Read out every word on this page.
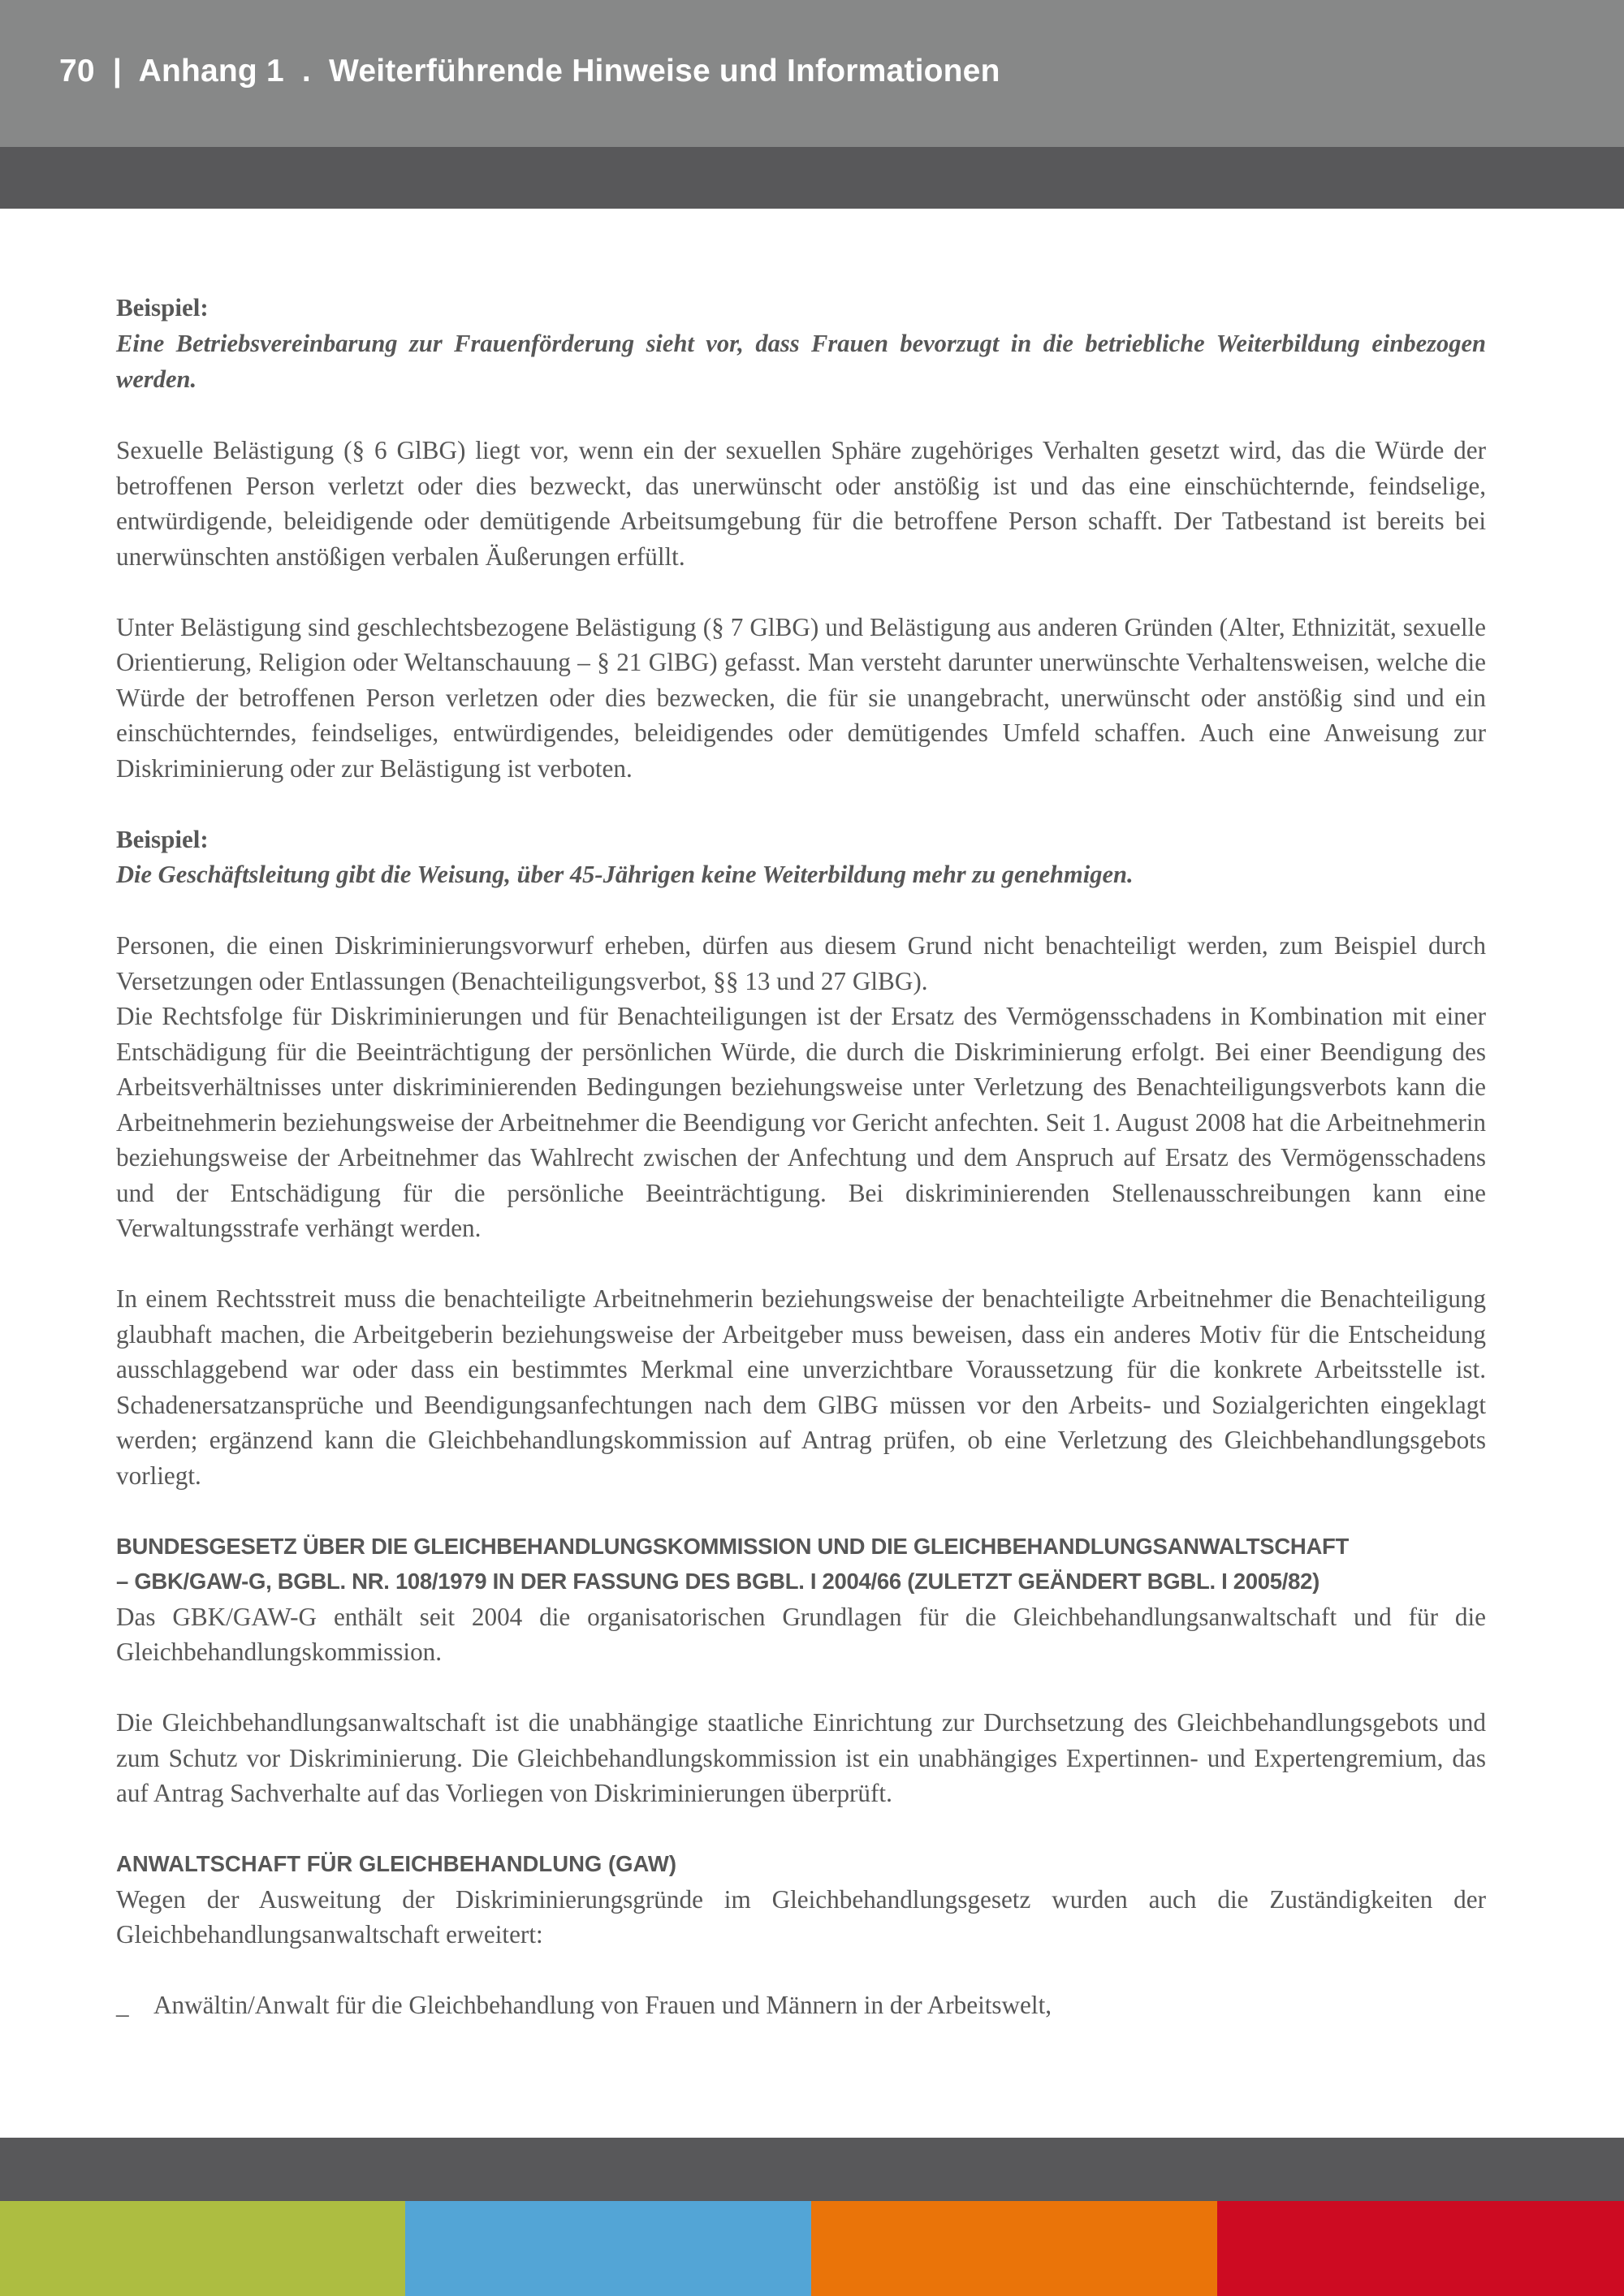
70  |  Anhang 1  .  Weiterführende Hinweise und Informationen

Beispiel:

Eine Betriebsvereinbarung zur Frauenförderung sieht vor, dass Frauen bevorzugt in die betriebliche Weiterbildung einbezogen werden.

Sexuelle Belästigung (§ 6 GlBG) liegt vor, wenn ein der sexuellen Sphäre zugehöriges Verhalten gesetzt wird, das die Würde der betroffenen Person verletzt oder dies bezweckt, das unerwünscht oder anstößig ist und das eine einschüchternde, feindselige, entwürdigende, beleidigende oder demütigende Arbeitsumgebung für die betroffene Person schafft. Der Tatbestand ist bereits bei unerwünschten anstößigen verbalen Äußerungen erfüllt.

Unter Belästigung sind geschlechtsbezogene Belästigung (§ 7 GlBG) und Belästigung aus anderen Gründen (Alter, Ethnizität, sexuelle Orientierung, Religion oder Weltanschauung – § 21 GlBG) gefasst. Man versteht darunter unerwünschte Verhaltensweisen, welche die Würde der betroffenen Person verletzen oder dies bezwecken, die für sie unangebracht, unerwünscht oder anstößig sind und ein einschüchterndes, feindseliges, entwürdigendes, beleidigendes oder demütigendes Umfeld schaffen. Auch eine Anweisung zur Diskriminierung oder zur Belästigung ist verboten.

Beispiel:

Die Geschäftsleitung gibt die Weisung, über 45-Jährigen keine Weiterbildung mehr zu genehmigen.

Personen, die einen Diskriminierungsvorwurf erheben, dürfen aus diesem Grund nicht benachteiligt werden, zum Beispiel durch Versetzungen oder Entlassungen (Benachteiligungsverbot, §§ 13 und 27 GlBG).

Die Rechtsfolge für Diskriminierungen und für Benachteiligungen ist der Ersatz des Vermögensschadens in Kombination mit einer Entschädigung für die Beeinträchtigung der persönlichen Würde, die durch die Diskriminierung erfolgt. Bei einer Beendigung des Arbeitsverhältnisses unter diskriminierenden Bedingungen beziehungsweise unter Verletzung des Benachteiligungsverbots kann die Arbeitnehmerin beziehungsweise der Arbeitnehmer die Beendigung vor Gericht anfechten. Seit 1. August 2008 hat die Arbeitnehmerin beziehungsweise der Arbeitnehmer das Wahlrecht zwischen der Anfechtung und dem Anspruch auf Ersatz des Vermögensschadens und der Entschädigung für die persönliche Beeinträchtigung. Bei diskriminierenden Stellenausschreibungen kann eine Verwaltungsstrafe verhängt werden.

In einem Rechtsstreit muss die benachteiligte Arbeitnehmerin beziehungsweise der benachteiligte Arbeitnehmer die Benachteiligung glaubhaft machen, die Arbeitgeberin beziehungsweise der Arbeitgeber muss beweisen, dass ein anderes Motiv für die Entscheidung ausschlaggebend war oder dass ein bestimmtes Merkmal eine unverzichtbare Voraussetzung für die konkrete Arbeitsstelle ist. Schadenersatzansprüche und Beendigungsanfechtungen nach dem GlBG müssen vor den Arbeits- und Sozialgerichten eingeklagt werden; ergänzend kann die Gleichbehandlungskommission auf Antrag prüfen, ob eine Verletzung des Gleichbehandlungsgebots vorliegt.

BUNDESGESETZ ÜBER DIE GLEICHBEHANDLUNGSKOMMISSION UND DIE GLEICHBEHANDLUNGSANWALTSCHAFT

– GBK/GAW-G, BGBL. NR. 108/1979 IN DER FASSUNG DES BGBL. I 2004/66 (ZULETZT GEÄNDERT BGBL. I 2005/82)

Das GBK/GAW-G enthält seit 2004 die organisatorischen Grundlagen für die Gleichbehandlungsanwaltschaft und für die Gleichbehandlungskommission.

Die Gleichbehandlungsanwaltschaft ist die unabhängige staatliche Einrichtung zur Durchsetzung des Gleichbehandlungsgebots und zum Schutz vor Diskriminierung. Die Gleichbehandlungskommission ist ein unabhängiges Expertinnen- und Expertengremium, das auf Antrag Sachverhalte auf das Vorliegen von Diskriminierungen überprüft.

ANWALTSCHAFT FÜR GLEICHBEHANDLUNG (GAW)

Wegen der Ausweitung der Diskriminierungsgründe im Gleichbehandlungsgesetz wurden auch die Zuständigkeiten der Gleichbehandlungsanwaltschaft erweitert:

_ Anwältin/Anwalt für die Gleichbehandlung von Frauen und Männern in der Arbeitswelt,
